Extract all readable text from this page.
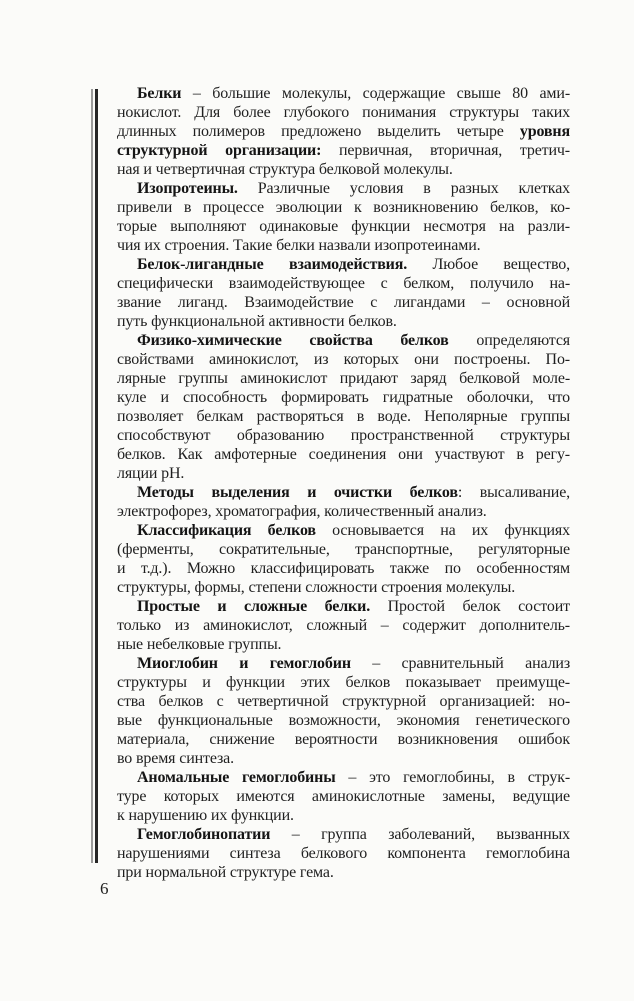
Белки – большие молекулы, содержащие свыше 80 ами-
нокислот. Для более глубокого понимания структуры таких
длинных полимеров предложено выделить четыре уровня
структурной организации: первичная, вторичная, третич-
ная и четвертичная структура белковой молекулы.

Изопротеины. Различные условия в разных клетках
привели в процессе эволюции к возникновению белков, ко-
торые выполняют одинаковые функции несмотря на разли-
чия их строения. Такие белки назвали изопротеинами.

Белок-лигандные взаимодействия. Любое вещество,
специфически взаимодействующее с белком, получило на-
звание лиганд. Взаимодействие с лигандами – основной
путь функциональной активности белков.

Физико-химические свойства белков определяются
свойствами аминокислот, из которых они построены. По-
лярные группы аминокислот придают заряд белковой моле-
куле и способность формировать гидратные оболочки, что
позволяет белкам растворяться в воде. Неполярные группы
способствуют образованию пространственной структуры
белков. Как амфотерные соединения они участвуют в регу-
ляции pH.

Методы выделения и очистки белков: высаливание,
электрофорез, хроматография, количественный анализ.

Классификация белков основывается на их функциях
(ферменты, сократительные, транспортные, регуляторные
и т.д.). Можно классифицировать также по особенностям
структуры, формы, степени сложности строения молекулы.

Простые и сложные белки. Простой белок состоит
только из аминокислот, сложный – содержит дополнитель-
ные небелковые группы.

Миоглобин и гемоглобин – сравнительный анализ
структуры и функции этих белков показывает преимуще-
ства белков с четвертичной структурной организацией: но-
вые функциональные возможности, экономия генетического
материала, снижение вероятности возникновения ошибок
во время синтеза.

Аномальные гемоглобины – это гемоглобины, в струк-
туре которых имеются аминокислотные замены, ведущие
к нарушению их функции.

Гемоглобинопатии – группа заболеваний, вызванных
нарушениями синтеза белкового компонента гемоглобина
при нормальной структуре гема.

6
